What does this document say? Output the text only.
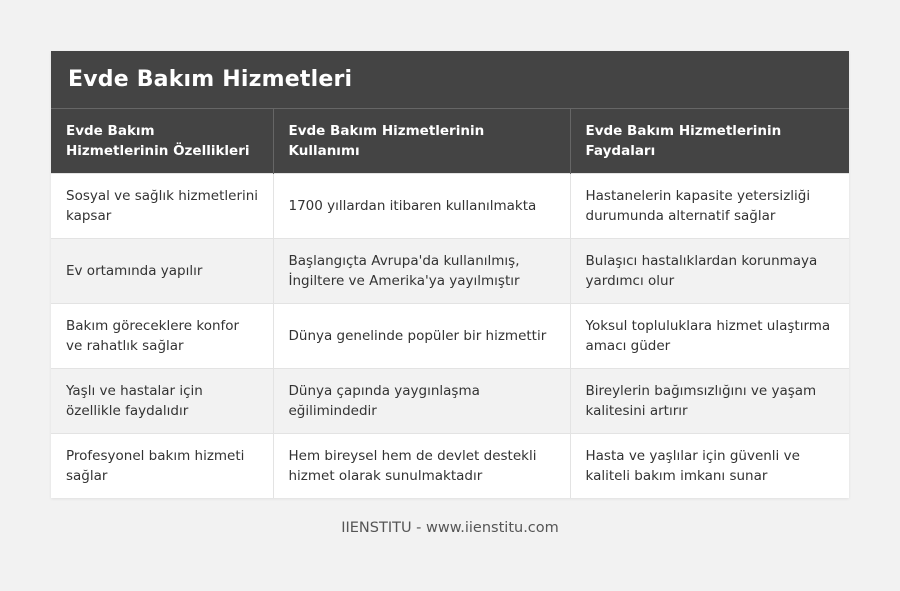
Evde Bakım Hizmetleri
Evde Bakım Hizmetlerinin Özellikleri	Evde Bakım Hizmetlerinin Kullanımı	Evde Bakım Hizmetlerinin Faydaları
Sosyal ve sağlık hizmetlerini kapsar	1700 yıllardan itibaren kullanılmakta	Hastanelerin kapasite yetersizliği durumunda alternatif sağlar
Ev ortamında yapılır	Başlangıçta Avrupa'da kullanılmış, İngiltere ve Amerika'ya yayılmıştır	Bulaşıcı hastalıklardan korunmaya yardımcı olur
Bakım göreceklere konfor ve rahatlık sağlar	Dünya genelinde popüler bir hizmettir	Yoksul topluluklara hizmet ulaştırma amacı güder
Yaşlı ve hastalar için özellikle faydalıdır	Dünya çapında yaygınlaşma eğilimindedir	Bireylerin bağımsızlığını ve yaşam kalitesini artırır
Profesyonel bakım hizmeti sağlar	Hem bireysel hem de devlet destekli hizmet olarak sunulmaktadır	Hasta ve yaşlılar için güvenli ve kaliteli bakım imkanı sunar
IIENSTITU - www.iienstitu.com
